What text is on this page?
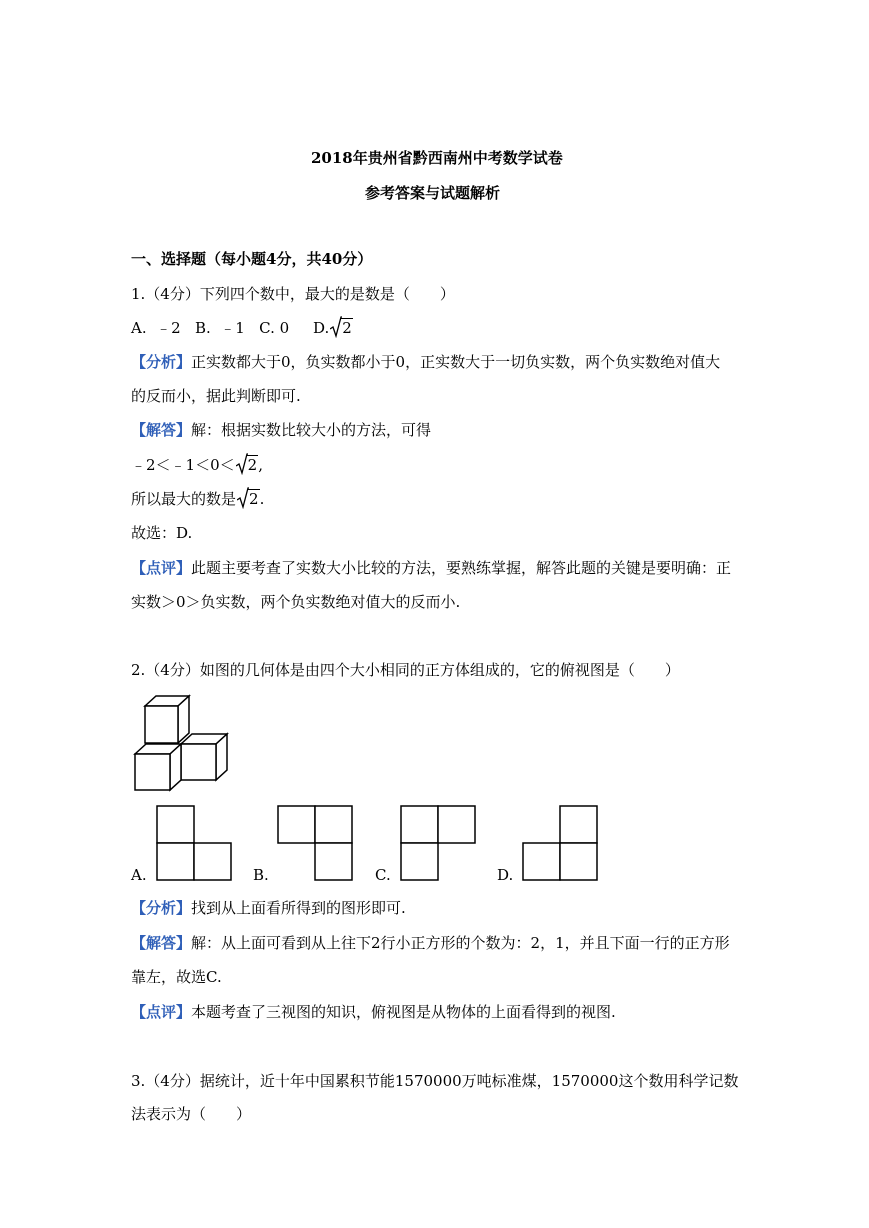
2018年贵州省黔西南州中考数学试卷
参考答案与试题解析
一、选择题（每小题4分，共40分）
1.（4分）下列四个数中，最大的是数是（　　）
A.  ﹣2   B.  ﹣1   C. 0     D. 2
【分析】正实数都大于0，负实数都小于0，正实数大于一切负实数，两个负实数绝对值大
的反而小，据此判断即可.
【解答】解：根据实数比较大小的方法，可得
﹣2＜﹣1＜0＜ 2,
所以最大的数是 2.
故选：D.
【点评】此题主要考查了实数大小比较的方法，要熟练掌握，解答此题的关键是要明确：正
实数＞0＞负实数，两个负实数绝对值大的反而小.
2.（4分）如图的几何体是由四个大小相同的正方体组成的，它的俯视图是（　　）
A.	B.	C.	D.
【分析】找到从上面看所得到的图形即可.
【解答】解：从上面可看到从上往下2行小正方形的个数为：2，1，并且下面一行的正方形
靠左，故选C.
【点评】本题考查了三视图的知识，俯视图是从物体的上面看得到的视图.
3.（4分）据统计，近十年中国累积节能1570000万吨标准煤，1570000这个数用科学记数
法表示为（　　）
